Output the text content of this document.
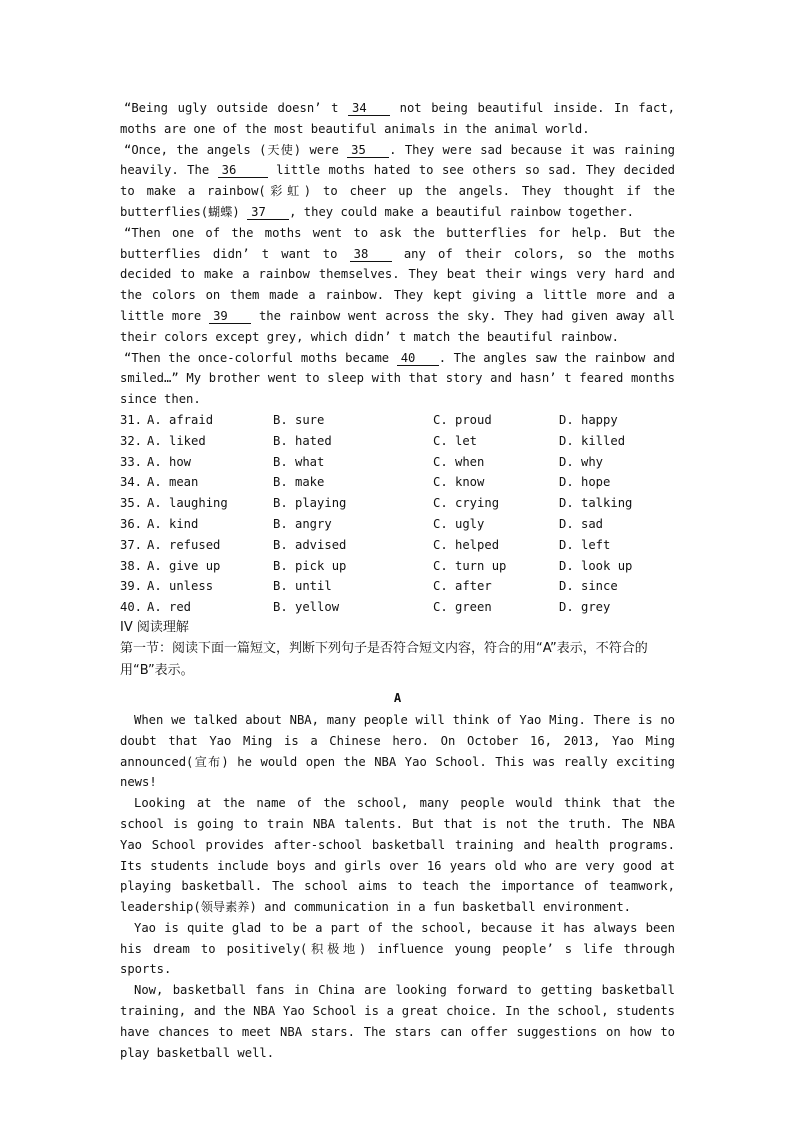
“Being ugly outside doesn’ t 34 not being beautiful inside. In fact, moths are one of the most beautiful animals in the animal world.

“Once, the angels (天使) were 35 . They were sad because it was raining heavily. The 36	little moths hated to see others so sad. They decided to make a rainbow(彩虹) to cheer up the angels. They thought if the butterflies(蝴蝶) 37 , they could make a beautiful rainbow together.

“Then one of the moths went to ask the butterflies for help. But the butterflies didn’ t want to 38 any of their colors, so the moths decided to make a rainbow themselves. They beat their wings very hard and the colors on them made a rainbow. They kept giving a little more and a little more 39 the rainbow went across the sky. They had given away all their colors except grey, which didn’ t match the beautiful rainbow.

“Then the once-colorful moths became 40 . The angles saw the rainbow and smiled…” My brother went to sleep with that story and hasn’ t feared months since then.

31.	A. afraid	B. sure	C. proud	D. happy
32.	A. liked	B. hated	C. let	D. killed
33.	A. how	B. what	C. when	D. why
34.	A. mean	B. make	C. know	D. hope
35.	A. laughing	B. playing	C. crying	D. talking
36.	A. kind	B. angry	C. ugly	D. sad
37.	A. refused	B. advised	C. helped	D. left
38.	A. give up	B. pick up	C. turn up	D. look up
39.	A. unless	B. until	C. after	D. since
40.	A. red	B. yellow	C. green	D. grey

IV 阅读理解

第一节：阅读下面一篇短文，判断下列句子是否符合短文内容，符合的用“A”表示，不符合的用“B”表示。

A

When we talked about NBA, many people will think of Yao Ming. There is no doubt that Yao Ming is a Chinese hero. On October 16, 2013, Yao Ming announced(宣布) he would open the NBA Yao School. This was really exciting news!

Looking at the name of the school, many people would think that the school is going to train NBA talents. But that is not the truth. The NBA Yao School provides after-school basketball training and health programs. Its students include boys and girls over 16 years old who are very good at playing basketball. The school aims to teach the importance of teamwork, leadership(领导素养) and communication in a fun basketball environment.

Yao is quite glad to be a part of the school, because it has always been his dream to positively(积极地) influence young people’ s life through sports.

Now, basketball fans in China are looking forward to getting basketball training, and the NBA Yao School is a great choice. In the school, students have chances to meet NBA stars. The stars can offer suggestions on how to play basketball well.
